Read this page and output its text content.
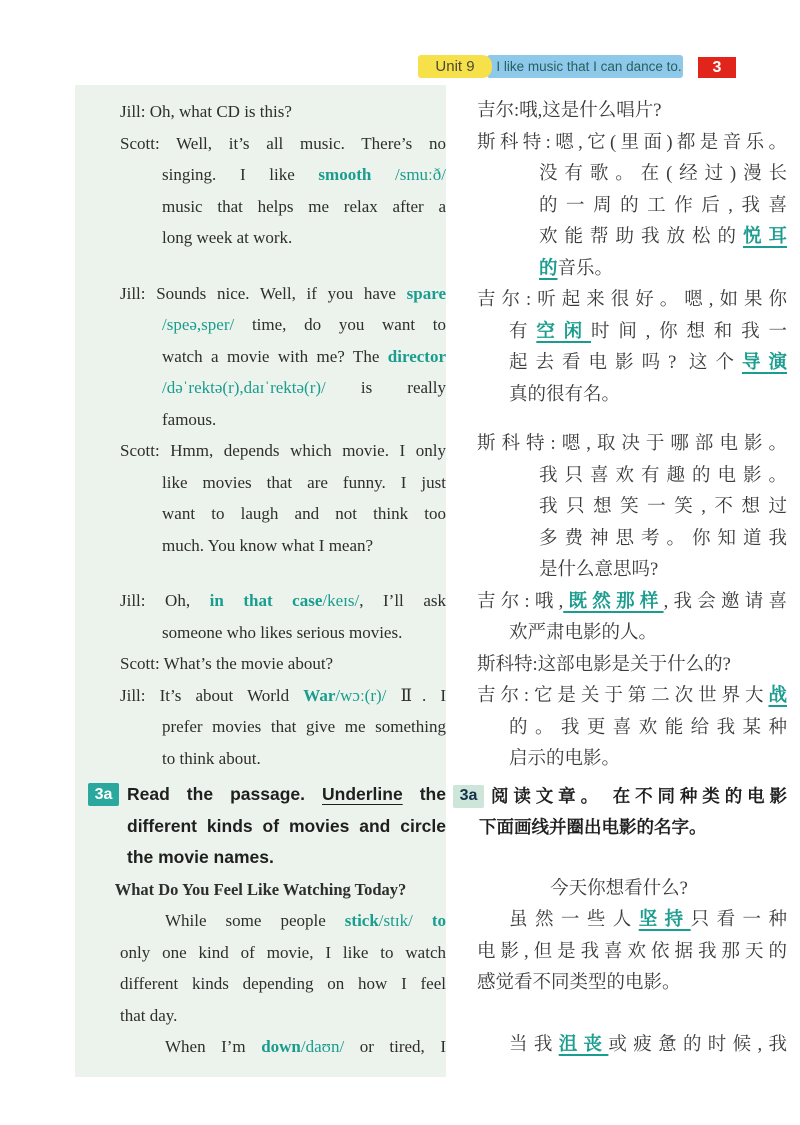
Unit 9	I like music that I can dance to.	3
Jill: Oh, what CD is this?
Scott: Well, it’s all music. There’s no
singing. I like smooth /smuːð/
music that helps me relax after a
long week at work.
Jill: Sounds nice. Well, if you have spare
/speə,sper/ time, do you want to
watch a movie with me? The director
/dəˈrektə(r),daɪˈrektə(r)/ is really
famous.
Scott: Hmm, depends which movie. I only
like movies that are funny. I just
want to laugh and not think too
much. You know what I mean?
Jill: Oh, in that case/keɪs/, I’ll ask
someone who likes serious movies.
Scott: What’s the movie about?
Jill: It’s about World War/wɔː(r)/ Ⅱ. I
prefer movies that give me something
to think about.
3a Read the passage. Underline the
different kinds of movies and circle
the movie names.
What Do You Feel Like Watching Today?
While some people stick/stɪk/ to
only one kind of movie, I like to watch
different kinds depending on how I feel
that day.
When I’m down/daʊn/ or tired, I
吉尔:哦,这是什么唱片?
斯科特:嗯,它(里面)都是音乐。
没有歌。在(经过)漫长
的一周的工作后,我喜
欢能帮助我放松的悦耳
的音乐。
吉尔:听起来很好。嗯,如果你
有空闲时间,你想和我一
起去看电影吗? 这个导演
真的很有名。
斯科特:嗯,取决于哪部电影。
我只喜欢有趣的电影。
我只想笑一笑,不想过
多费神思考。你知道我
是什么意思吗?
吉尔:哦,既然那样,我会邀请喜
欢严肃电影的人。
斯科特:这部电影是关于什么的?
吉尔:它是关于第二次世界大战
的。我更喜欢能给我某种
启示的电影。
3a 阅读文章。 在不同种类的电影
下面画线并圈出电影的名字。
今天你想看什么?
虽然一些人坚持只看一种
电影,但是我喜欢依据我那天的
感觉看不同类型的电影。
当我沮丧或疲惫的时候,我
